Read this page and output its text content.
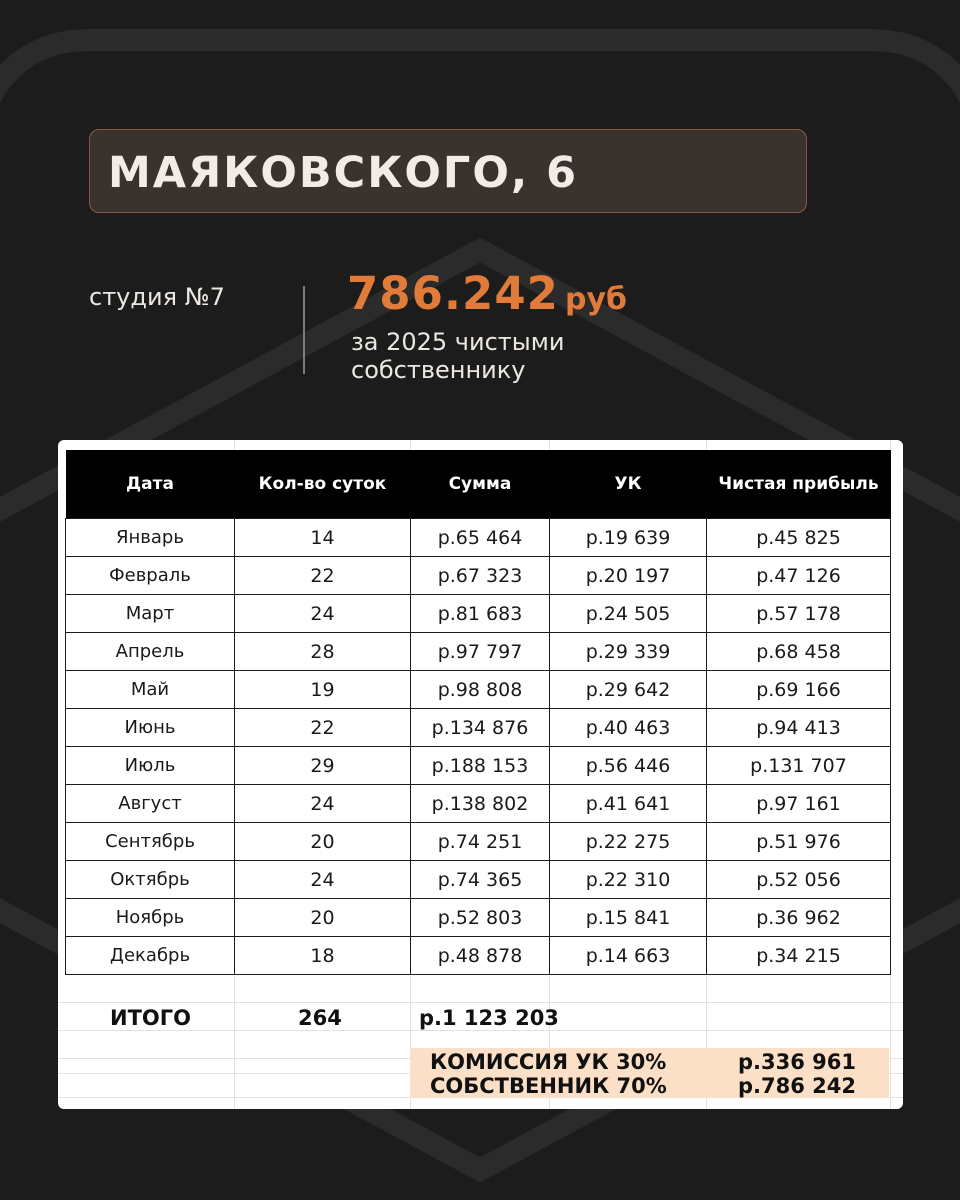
МАЯКОВСКОГО, 6
студия №7	786.242 руб
за 2025 чистыми
собственнику
Дата	Кол-во суток	Сумма	УК	Чистая прибыль
Январь	14	р.65 464	р.19 639	р.45 825
Февраль	22	р.67 323	р.20 197	р.47 126
Март	24	р.81 683	р.24 505	р.57 178
Апрель	28	р.97 797	р.29 339	р.68 458
Май	19	р.98 808	р.29 642	р.69 166
Июнь	22	р.134 876	р.40 463	р.94 413
Июль	29	р.188 153	р.56 446	р.131 707
Август	24	р.138 802	р.41 641	р.97 161
Сентябрь	20	р.74 251	р.22 275	р.51 976
Октябрь	24	р.74 365	р.22 310	р.52 056
Ноябрь	20	р.52 803	р.15 841	р.36 962
Декабрь	18	р.48 878	р.14 663	р.34 215
ИТОГО	264	р.1 123 203
КОМИССИЯ УК 30%	р.336 961
СОБСТВЕННИК 70%	р.786 242
